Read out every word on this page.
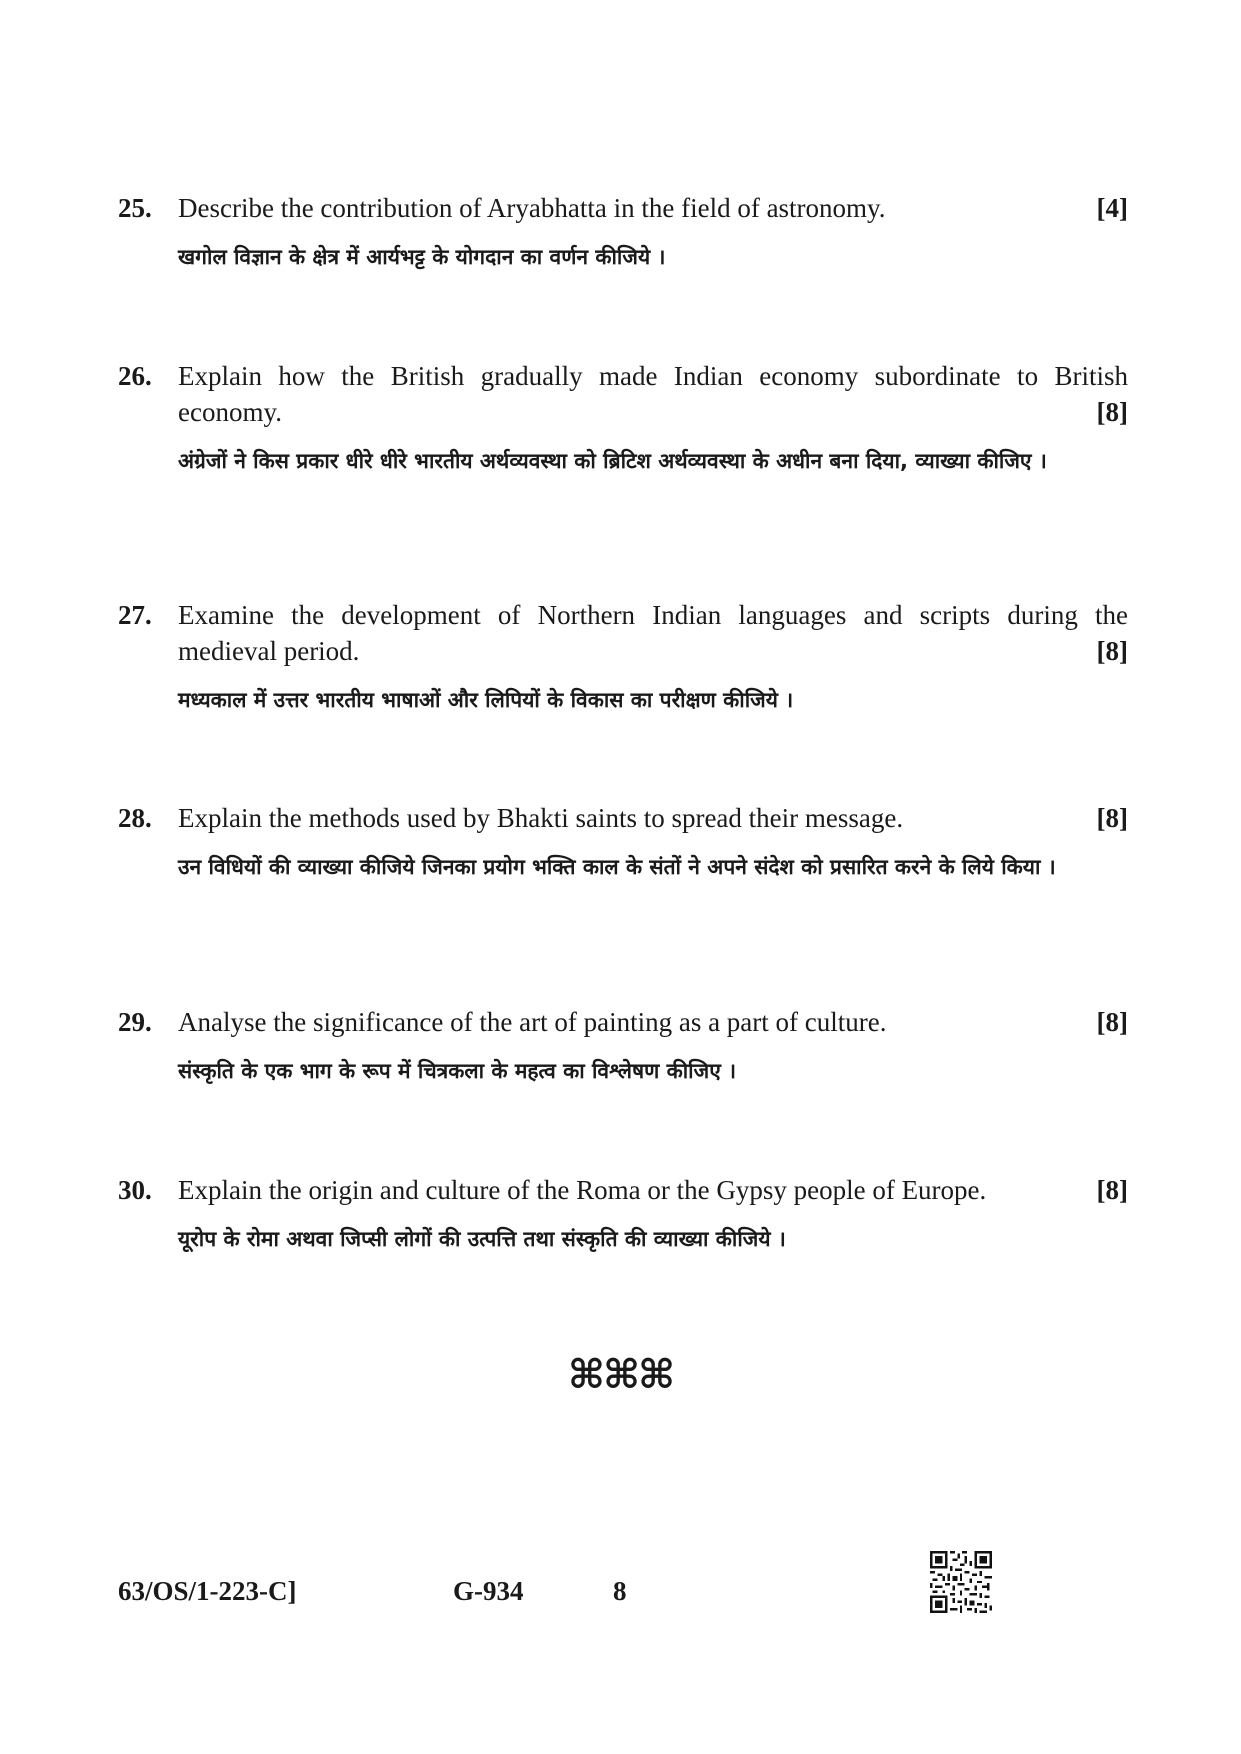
25.	[4]
Describe the contribution of Aryabhatta in the field of astronomy.
खगोल विज्ञान के क्षेत्र में आर्यभट्ट के योगदान का वर्णन कीजिये ।
26. Explain how the British gradually made Indian economy subordinate to British economy.	[8]
अंग्रेजों ने किस प्रकार धीरे धीरे भारतीय अर्थव्यवस्था को ब्रिटिश अर्थव्यवस्था के अधीन बना दिया, व्याख्या कीजिए ।
27. Examine the development of Northern Indian languages and scripts during the medieval period.	[8]
मध्यकाल में उत्तर भारतीय भाषाओं और लिपियों के विकास का परीक्षण कीजिये ।
28.	[8]
Explain the methods used by Bhakti saints to spread their message.
उन विधियों की व्याख्या कीजिये जिनका प्रयोग भक्ति काल के संतों ने अपने संदेश को प्रसारित करने के लिये किया ।
29.	[8]
Analyse the significance of the art of painting as a part of culture.
संस्कृति के एक भाग के रूप में चित्रकला के महत्व का विश्लेषण कीजिए ।
30.	[8]
Explain the origin and culture of the Roma or the Gypsy people of Europe.
यूरोप के रोमा अथवा जिप्सी लोगों की उत्पत्ति तथा संस्कृति की व्याख्या कीजिये ।
⌘⌘⌘
63/OS/1-223-C]	G-934	8
